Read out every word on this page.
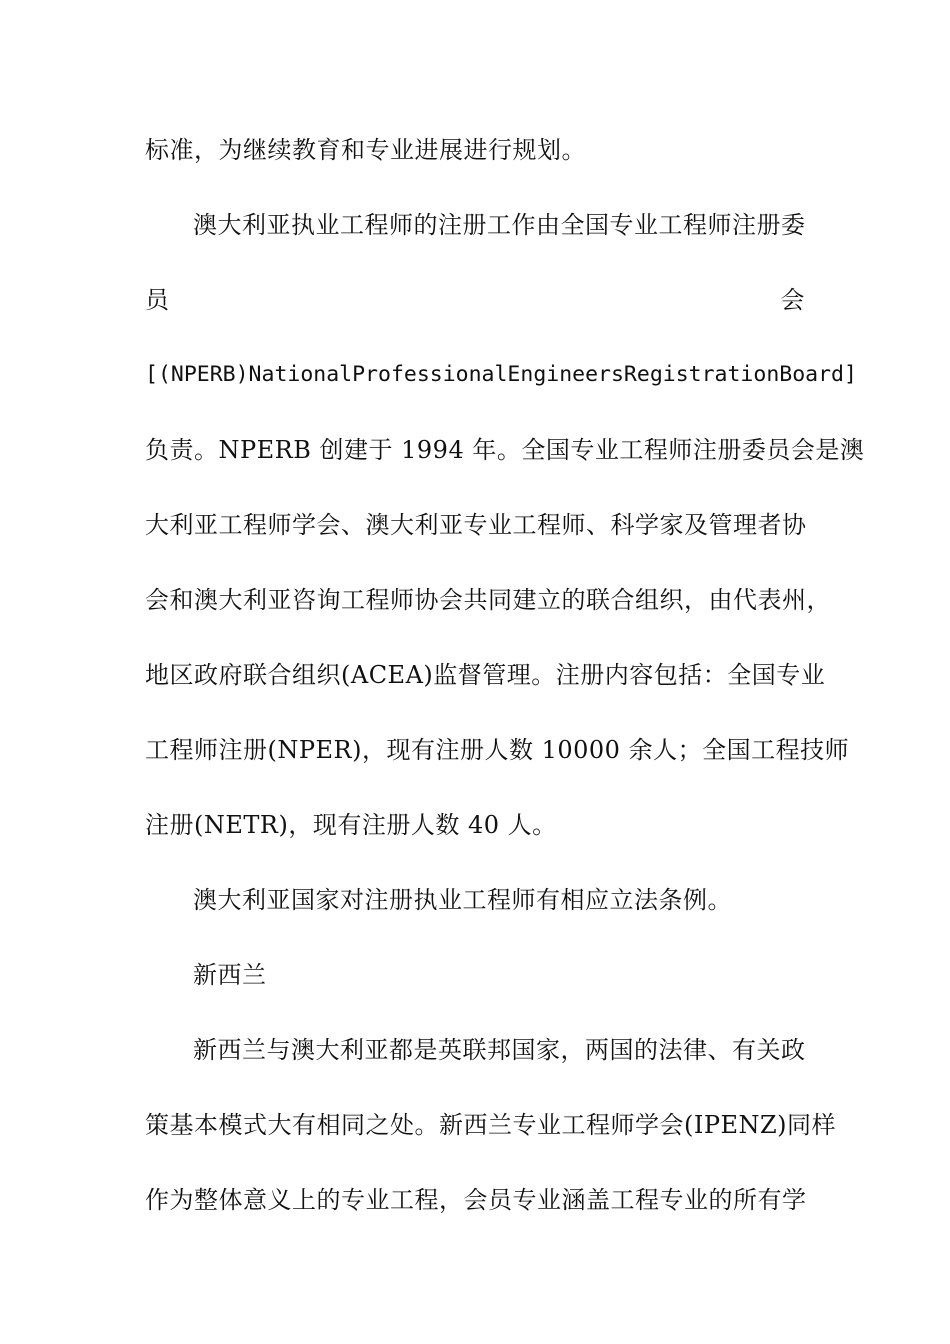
标准，为继续教育和专业进展进行规划。
澳大利亚执业工程师的注册工作由全国专业工程师注册委
员	会
[(NPERB)NationalProfessionalEngineersRegistrationBoard]
负责。NPERB 创建于 1994 年。全国专业工程师注册委员会是澳
大利亚工程师学会、澳大利亚专业工程师、科学家及管理者协
会和澳大利亚咨询工程师协会共同建立的联合组织，由代表州，
地区政府联合组织(ACEA)监督管理。注册内容包括：全国专业
工程师注册(NPER)，现有注册人数 10000 余人；全国工程技师
注册(NETR)，现有注册人数 40 人。
澳大利亚国家对注册执业工程师有相应立法条例。
新西兰
新西兰与澳大利亚都是英联邦国家，两国的法律、有关政
策基本模式大有相同之处。新西兰专业工程师学会(IPENZ)同样
作为整体意义上的专业工程，会员专业涵盖工程专业的所有学
